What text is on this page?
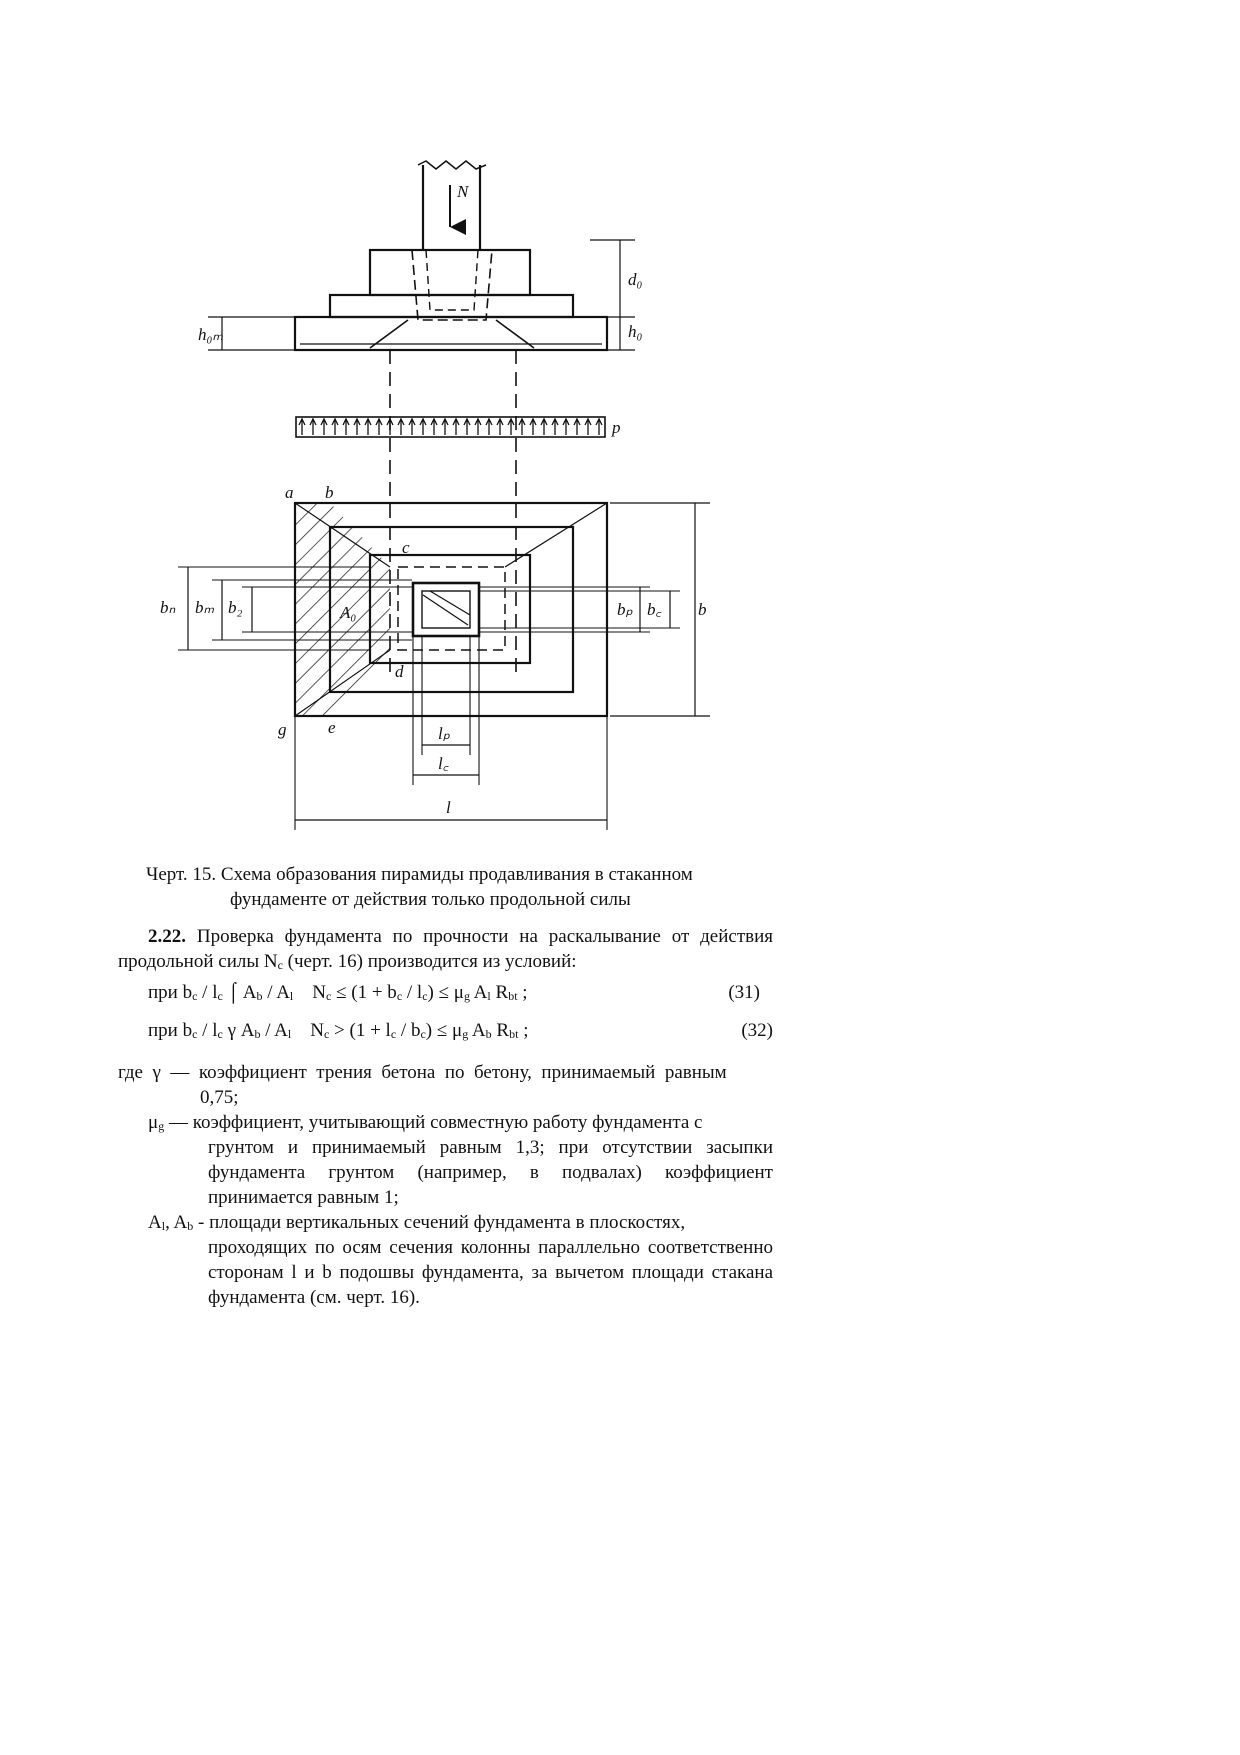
N
d₀
h₀
h₀ₘ
p
a b
c
d
g e
A₀
bₙ bₘ b₂	bₚ b꜀ b
lₚ
l꜀
l
Черт. 15. Схема образования пирамиды продавливания в стаканном
фундаменте от действия только продольной силы
2.22. Проверка фундамента по прочности на раскалывание от действия продольной силы $N_c$ (черт. 16) производится из условий:
при $b_c / l_c$ ⌠ $A_b / A_l$    $N_c \le (1 + b_c / l_c) \le \mu_g$ $A_l$ $R_{bt}$ ;	(31)
при $b_c / l_c$ γ $A_b / A_l$    $N_c > (1 + l_c / b_c) \le \mu_g$ $A_b$ $R_{bt}$ ;	(32)
где  γ  —  коэффициент  трения  бетона  по  бетону,  принимаемый  равным
0,75;
$\mu_g$ — коэффициент, учитывающий совместную работу фундамента с
грунтом и принимаемый равным 1,3; при отсутствии засыпки фундамента грунтом (например, в подвалах) коэффициент принимается равным 1;
$A_l$, $A_b$ - площади вертикальных сечений фундамента в плоскостях,
проходящих по осям сечения колонны параллельно соответственно сторонам l и b подошвы фундамента, за вычетом площади стакана фундамента (см. черт. 16).
